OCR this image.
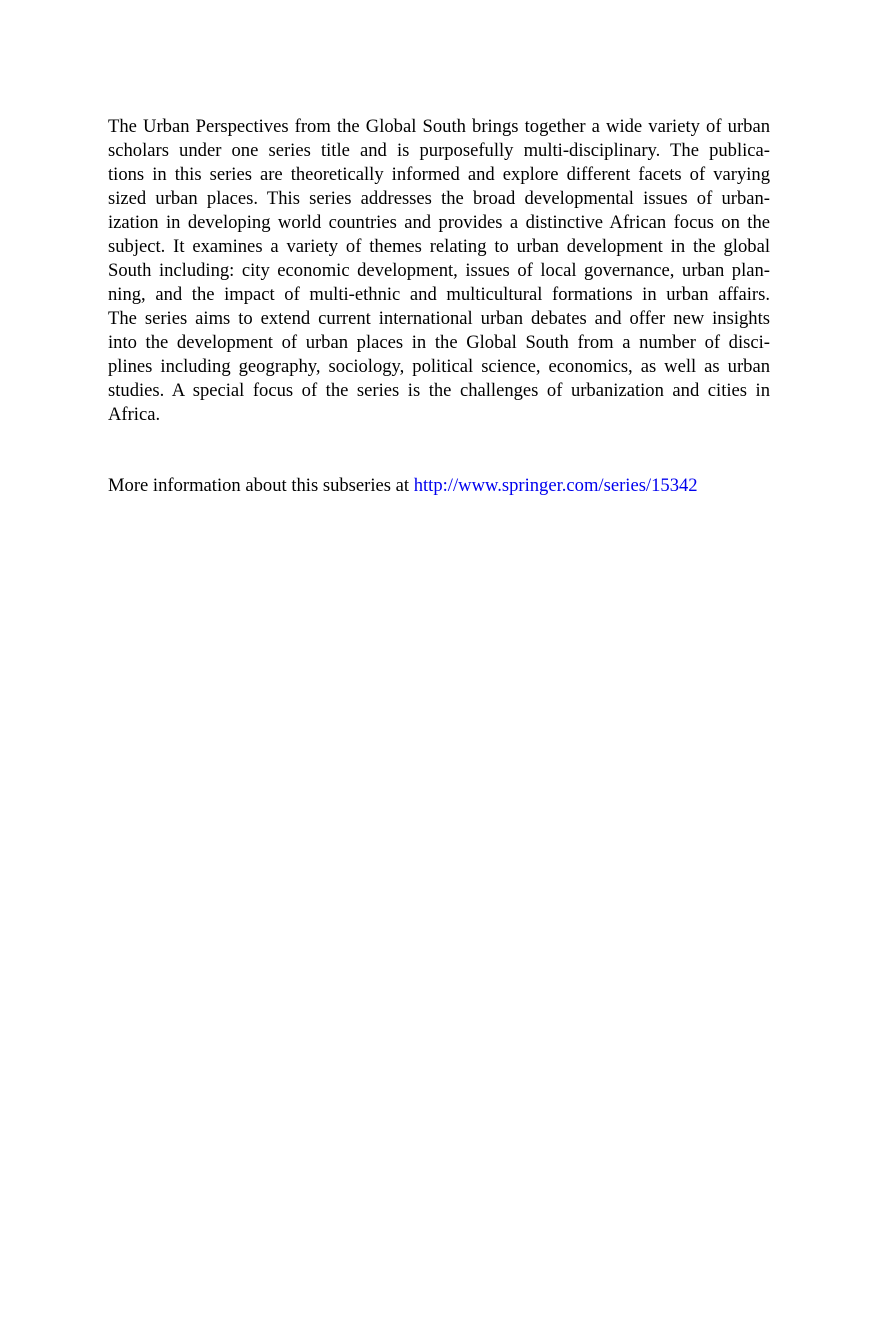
The Urban Perspectives from the Global South brings together a wide variety of urban
scholars under one series title and is purposefully multi-disciplinary. The publica-
tions in this series are theoretically informed and explore different facets of varying
sized urban places. This series addresses the broad developmental issues of urban-
ization in developing world countries and provides a distinctive African focus on the
subject. It examines a variety of themes relating to urban development in the global
South including: city economic development, issues of local governance, urban plan-
ning, and the impact of multi-ethnic and multicultural formations in urban affairs.
The series aims to extend current international urban debates and offer new insights
into the development of urban places in the Global South from a number of disci-
plines including geography, sociology, political science, economics, as well as urban
studies. A special focus of the series is the challenges of urbanization and cities in
Africa.
More information about this subseries at http://www.springer.com/series/15342
